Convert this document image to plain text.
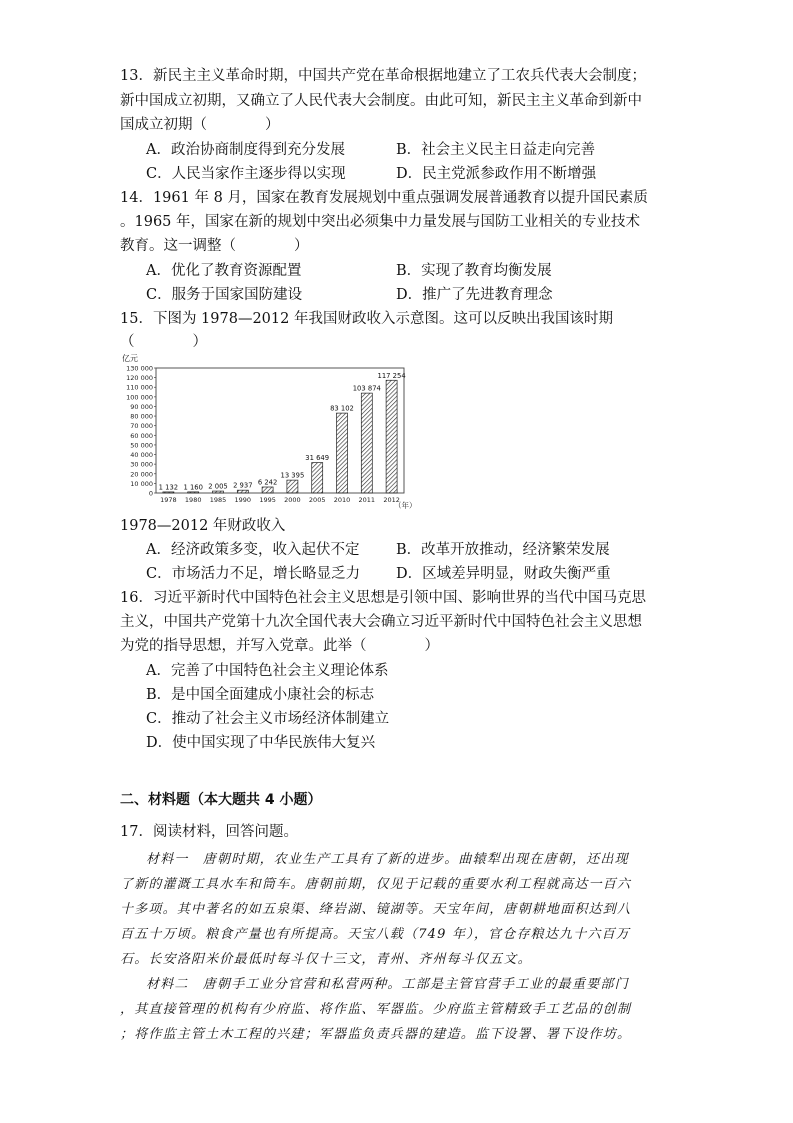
13．新民主主义革命时期，中国共产党在革命根据地建立了工农兵代表大会制度；
新中国成立初期，又确立了人民代表大会制度。由此可知，新民主主义革命到新中
国成立初期（　　　　）
A．政治协商制度得到充分发展	B．社会主义民主日益走向完善
C．人民当家作主逐步得以实现	D．民主党派参政作用不断增强
14．1961 年 8 月，国家在教育发展规划中重点强调发展普通教育以提升国民素质
。1965 年，国家在新的规划中突出必须集中力量发展与国防工业相关的专业技术
教育。这一调整（　　　　）
A．优化了教育资源配置	B．实现了教育均衡发展
C．服务于国家国防建设	D．推广了先进教育理念
15．下图为 1978—2012 年我国财政收入示意图。这可以反映出我国该时期
（　　　　）
亿元
0
10 000
20 000
30 000
40 000
50 000
60 000
70 000
80 000
90 000
100 000
110 000
120 000
130 000
1 132 1 160 2 005 2 937 6 242
13 395
31 649
83 102
103 874
117 254
1978 1980 1985 1990 1995 2000 2005 2010 2011 2012
（年）
1978—2012 年财政收入
A．经济政策多变，收入起伏不定	B．改革开放推动，经济繁荣发展
C．市场活力不足，增长略显乏力 D．区域差异明显，财政失衡严重
16．习近平新时代中国特色社会主义思想是引领中国、影响世界的当代中国马克思
主义，中国共产党第十九次全国代表大会确立习近平新时代中国特色社会主义思想
为党的指导思想，并写入党章。此举（　　　　）
A．完善了中国特色社会主义理论体系
B．是中国全面建成小康社会的标志
C．推动了社会主义市场经济体制建立
D．使中国实现了中华民族伟大复兴
二、材料题（本大题共 4 小题）
17．阅读材料，回答问题。
材料一　唐朝时期，农业生产工具有了新的进步。曲辕犁出现在唐朝，还出现
了新的灌溉工具水车和筒车。唐朝前期，仅见于记载的重要水利工程就高达一百六
十多项。其中著名的如五泉渠、绛岩湖、镜湖等。天宝年间，唐朝耕地面积达到八
百五十万顷。粮食产量也有所提高。天宝八载（749 年），官仓存粮达九十六百万
石。长安洛阳米价最低时每斗仅十三文，青州、齐州每斗仅五文。
材料二　唐朝手工业分官营和私营两种。工部是主管官营手工业的最重要部门
，其直接管理的机构有少府监、将作监、军器监。少府监主管精致手工艺品的创制
；将作监主管土木工程的兴建；军器监负责兵器的建造。监下设署、署下设作坊。
